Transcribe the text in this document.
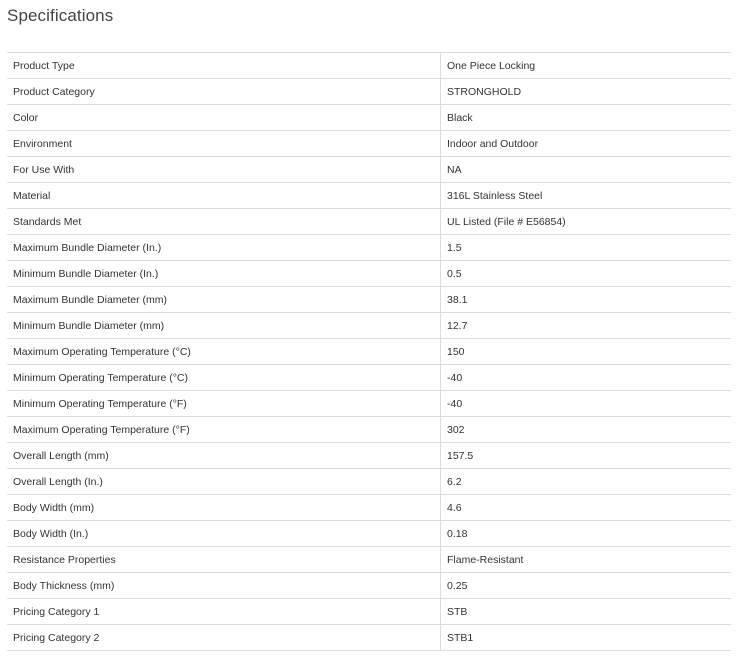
Specifications
Product Type	One Piece Locking
Product Category	STRONGHOLD
Color	Black
Environment	Indoor and Outdoor
For Use With	NA
Material	316L Stainless Steel
Standards Met	UL Listed (File # E56854)
Maximum Bundle Diameter (In.)	1.5
Minimum Bundle Diameter (In.)	0.5
Maximum Bundle Diameter (mm)	38.1
Minimum Bundle Diameter (mm)	12.7
Maximum Operating Temperature (°C)	150
Minimum Operating Temperature (°C)	-40
Minimum Operating Temperature (°F)	-40
Maximum Operating Temperature (°F)	302
Overall Length (mm)	157.5
Overall Length (In.)	6.2
Body Width (mm)	4.6
Body Width (In.)	0.18
Resistance Properties	Flame-Resistant
Body Thickness (mm)	0.25
Pricing Category 1	STB
Pricing Category 2	STB1
